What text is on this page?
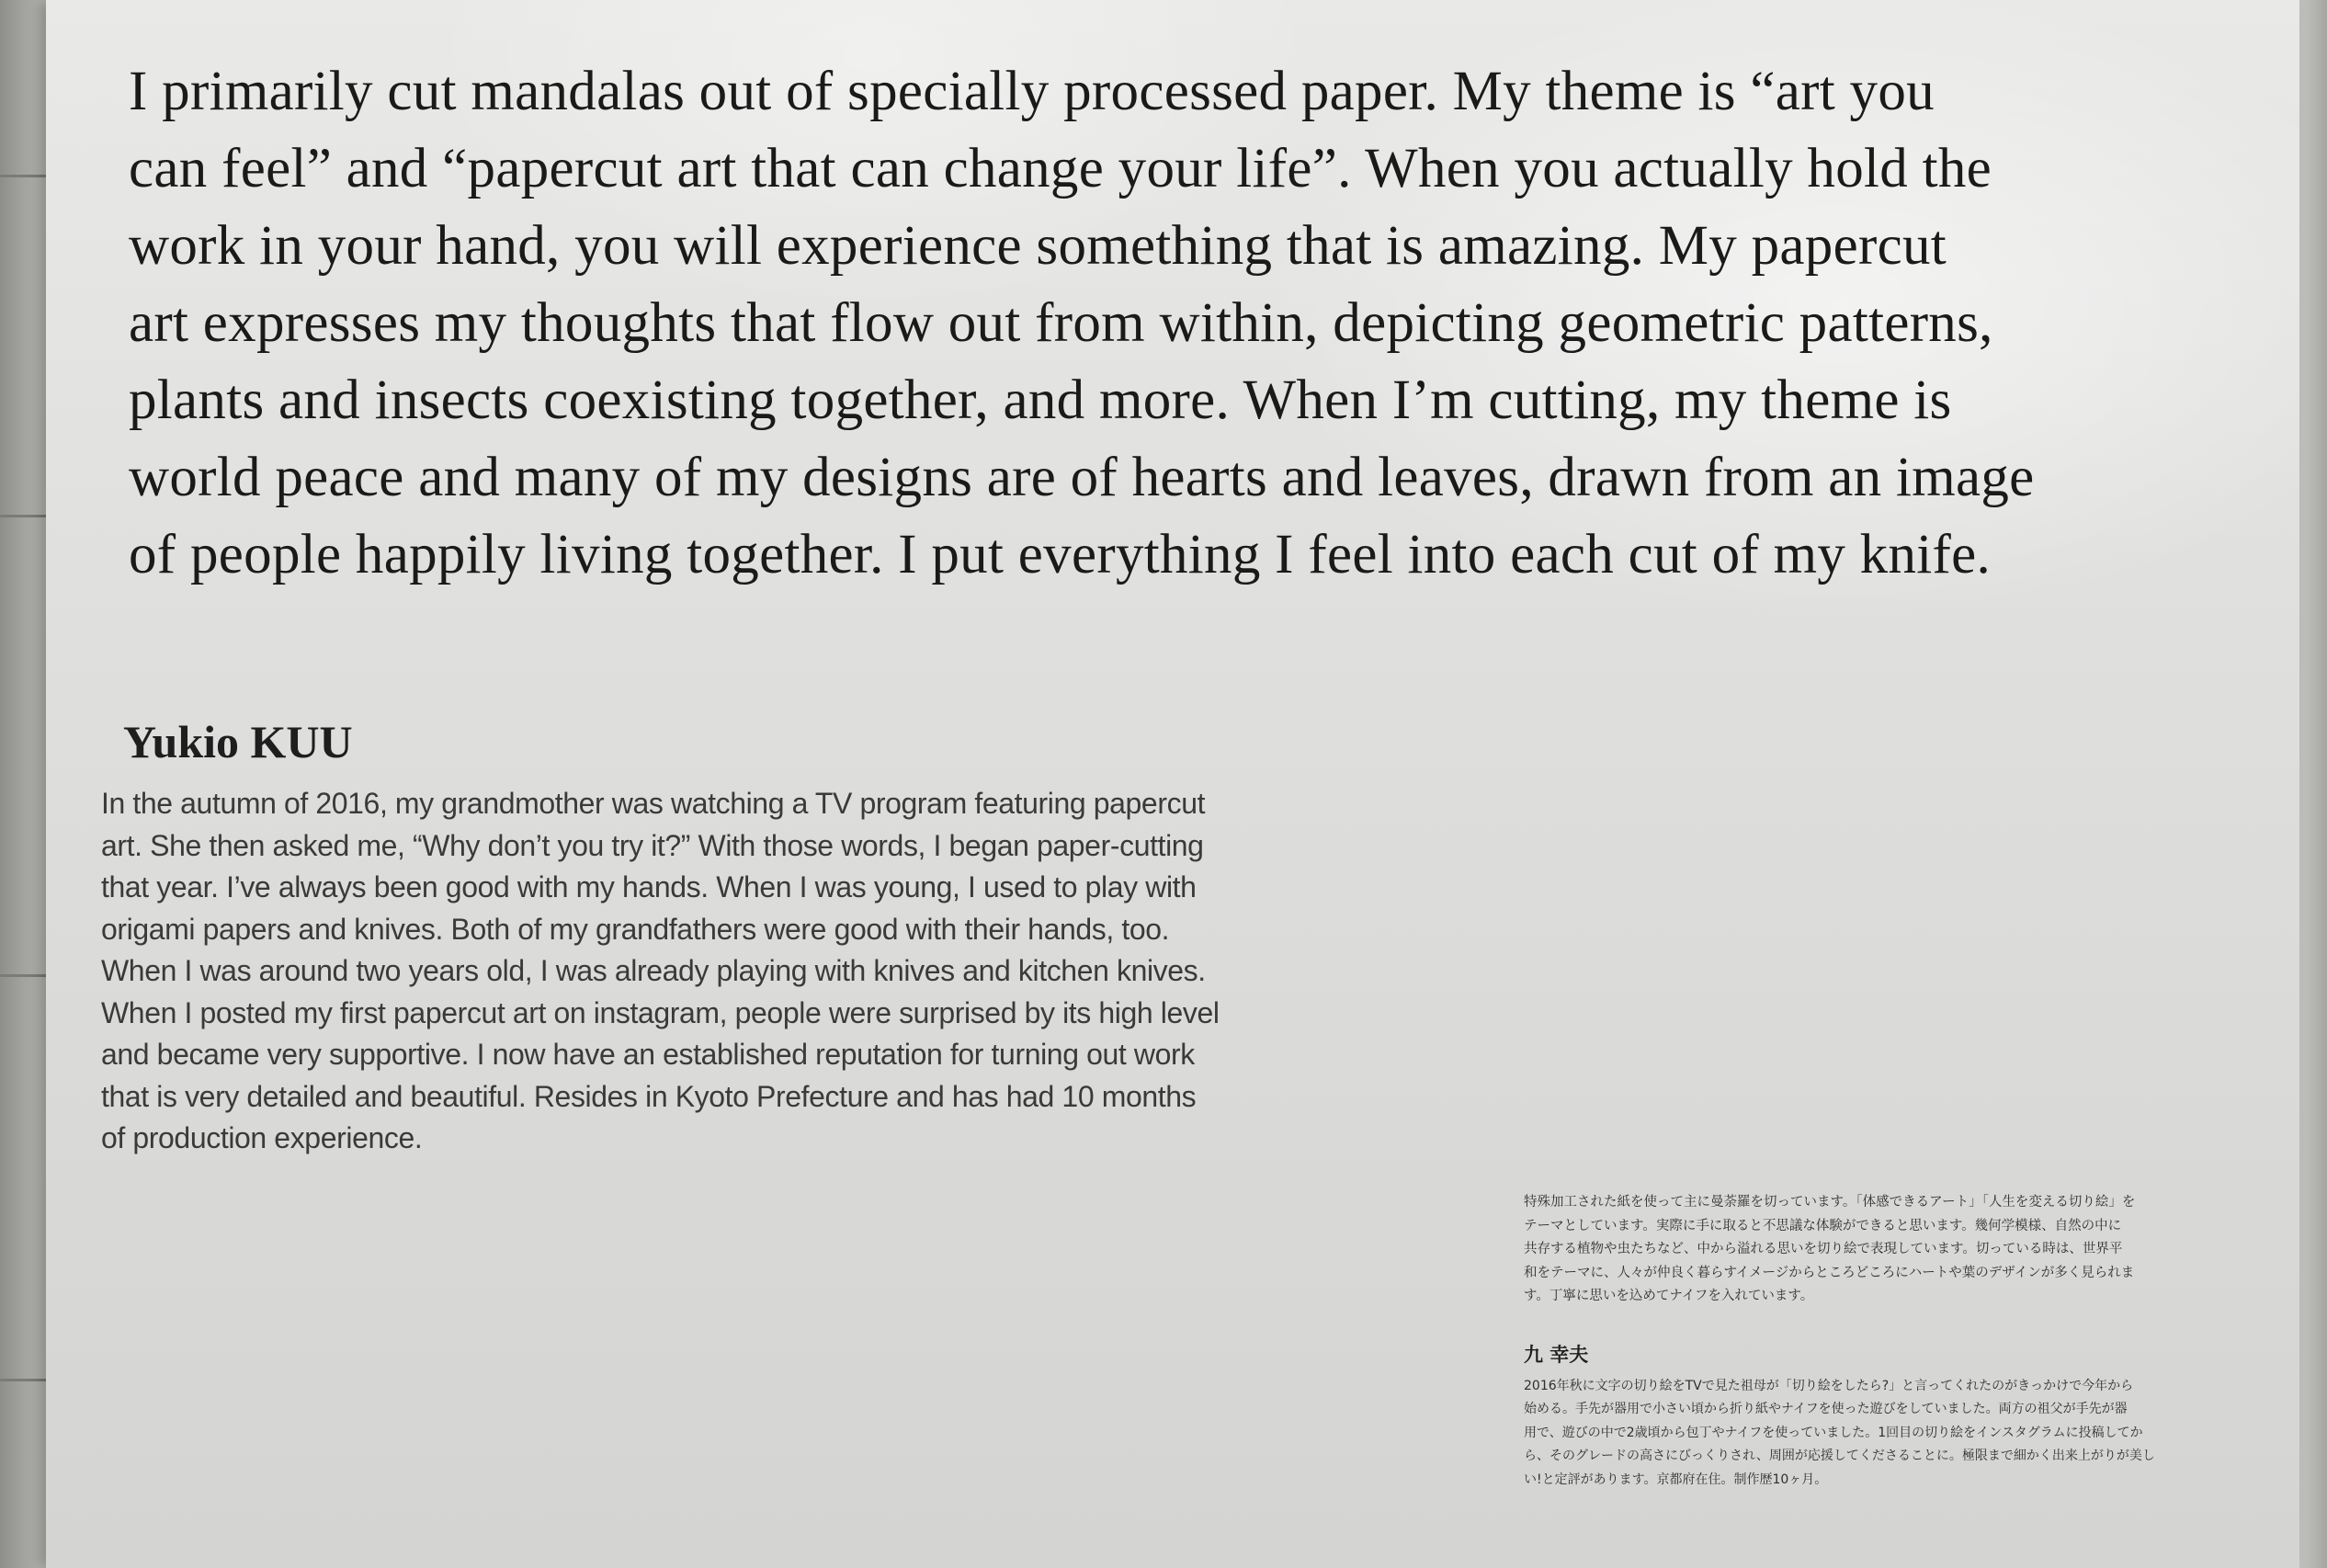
I primarily cut mandalas out of specially processed paper. My theme is “art you
can feel” and “papercut art that can change your life”. When you actually hold the
work in your hand, you will experience something that is amazing. My papercut
art expresses my thoughts that flow out from within, depicting geometric patterns,
plants and insects coexisting together, and more. When I’m cutting, my theme is
world peace and many of my designs are of hearts and leaves, drawn from an image
of people happily living together. I put everything I feel into each cut of my knife.

Yukio KUU

In the autumn of 2016, my grandmother was watching a TV program featuring papercut
art. She then asked me, “Why don’t you try it?” With those words, I began paper-cutting
that year. I’ve always been good with my hands. When I was young, I used to play with
origami papers and knives. Both of my grandfathers were good with their hands, too.
When I was around two years old, I was already playing with knives and kitchen knives.
When I posted my first papercut art on instagram, people were surprised by its high level
and became very supportive. I now have an established reputation for turning out work
that is very detailed and beautiful. Resides in Kyoto Prefecture and has had 10 months
of production experience.

特殊加工された紙を使って主に曼荼羅を切っています。「体感できるアート」「人生を変える切り絵」を
テーマとしています。実際に手に取ると不思議な体験ができると思います。幾何学模様、自然の中に
共存する植物や虫たちなど、中から溢れる思いを切り絵で表現しています。切っている時は、世界平
和をテーマに、人々が仲良く暮らすイメージからところどころにハートや葉のデザインが多く見られま
す。丁寧に思いを込めてナイフを入れています。

九 幸夫

2016年秋に文字の切り絵をTVで見た祖母が「切り絵をしたら?」と言ってくれたのがきっかけで今年から
始める。手先が器用で小さい頃から折り紙やナイフを使った遊びをしていました。両方の祖父が手先が器
用で、遊びの中で2歳頃から包丁やナイフを使っていました。1回目の切り絵をインスタグラムに投稿してか
ら、そのグレードの高さにびっくりされ、周囲が応援してくださることに。極限まで細かく出来上がりが美し
い!と定評があります。京都府在住。制作歴10ヶ月。
